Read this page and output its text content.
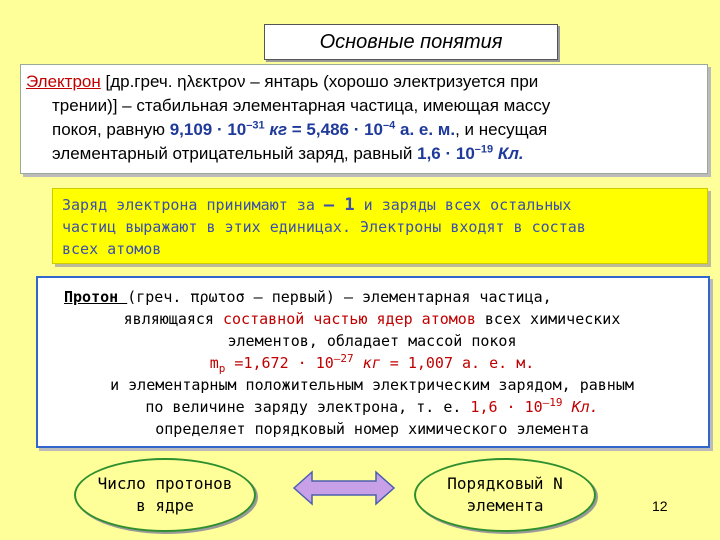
Основные понятия
Электрон [др.греч. ηλεκτρον – янтарь (хорошо электризуется при
трении)] – стабильная элементарная частица, имеющая массу
покоя, равную $9,109 \cdot 10^{-31}$ кг = $5,486 \cdot 10^{-4}$ а. е. м., и несущая
элементарный отрицательный заряд, равный $1,6 \cdot 10^{-19}$ Кл.
Заряд электрона принимают за – 1 и заряды всех остальных
частиц выражают в этих единицах. Электроны входят в состав
всех атомов
Протон (греч. πρωτοσ – первый) – элементарная частица,
являющаяся составной частью ядер атомов всех химических
элементов, обладает массой покоя
$m_p =1,672 \cdot 10^{-27}$ кг = 1,007 а. е. м.
и элементарным положительным электрическим зарядом, равным
по величине заряду электрона, т. е. $1,6 \cdot 10^{-19}$ Кл.
определяет порядковый номер химического элемента
Число протонов
в ядре
Порядковый N
элемента	12
